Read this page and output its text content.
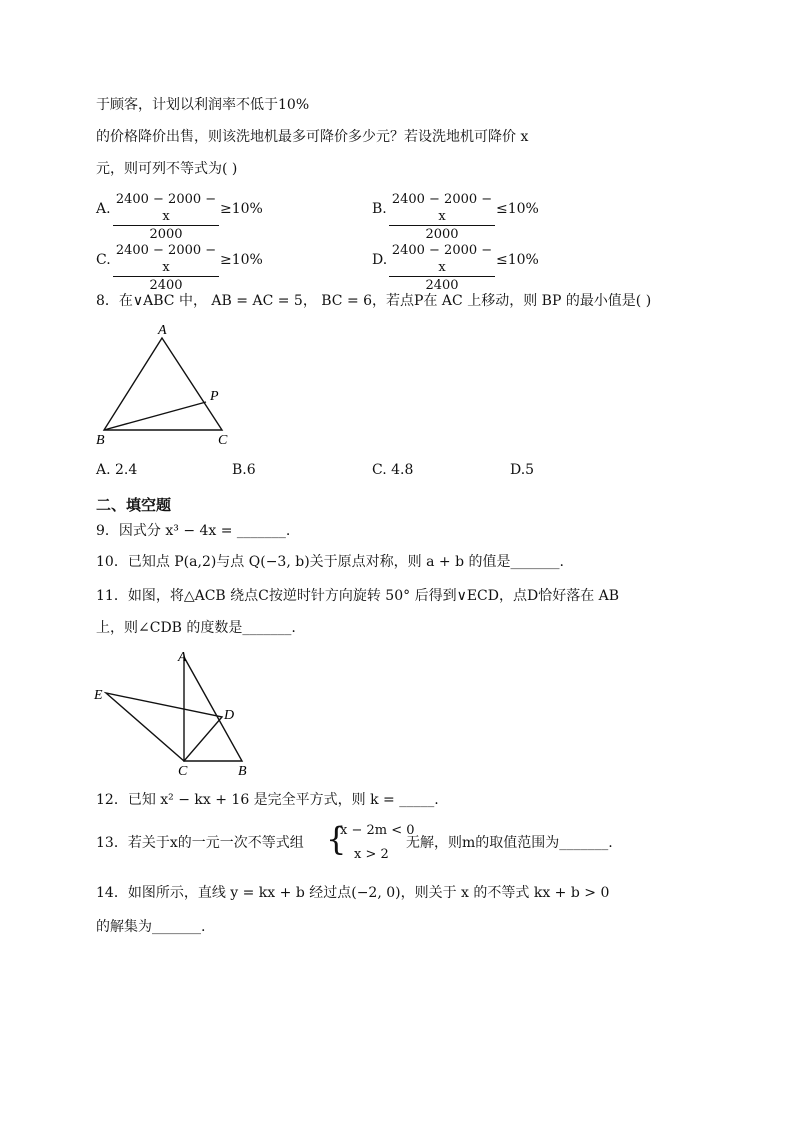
于顾客，计划以利润率不低于10%
的价格降价出售，则该洗地机最多可降价多少元？若设洗地机可降价 x
元，则可列不等式为( )
A. $\frac{2400 - 2000 - x}{2000} \ge 10\%$	B. $\frac{2400 - 2000 - x}{2000} \le 10\%$
C. $\frac{2400 - 2000 - x}{2400} \ge 10\%$	D. $\frac{2400 - 2000 - x}{2400} \le 10\%$
8．在∨ABC 中， AB = AC = 5， BC = 6，若点P在 AC 上移动，则 BP 的最小值是( )
A
B	C
P
A. 2.4	B.6	C. 4.8	D.5
二、填空题
9．因式分 x³ − 4x = _______.
10．已知点 P(a,2)与点 Q(−3, b)关于原点对称，则 a + b 的值是_______.
11．如图，将△ACB 绕点C按逆时针方向旋转 50° 后得到∨ECD，点D恰好落在 AB
上，则∠CDB 的度数是_______.
A
E
D
C	B
12．已知 x² − kx + 16 是完全平方式，则 k = _____.
13．若关于x的一元一次不等式组 {
x − 2m < 0
x > 2
无解，则m的取值范围为_______.
14．如图所示，直线 y = kx + b 经过点(−2, 0)，则关于 x 的不等式 kx + b > 0
的解集为_______.
